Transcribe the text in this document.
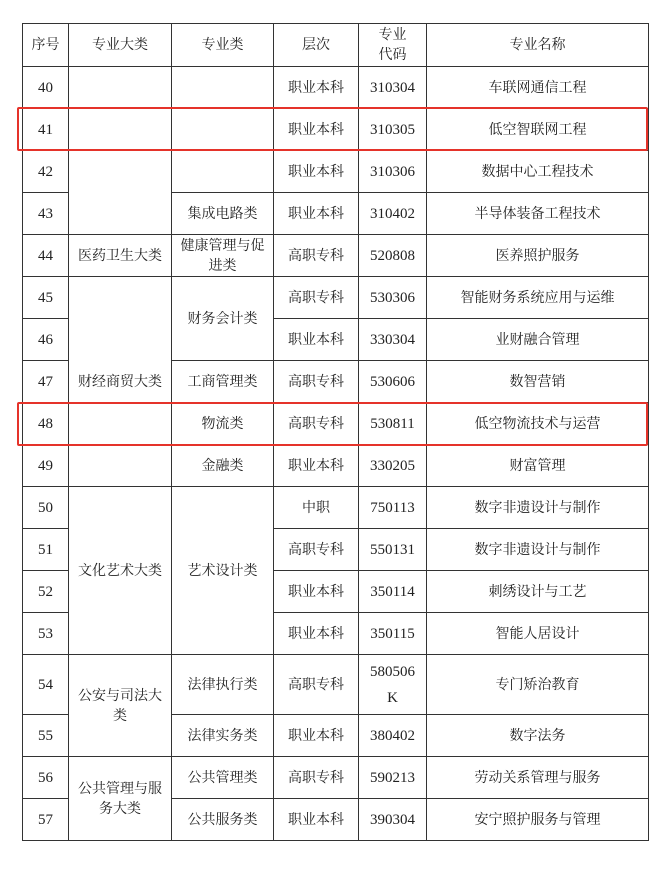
序号	专业大类	专业类	层次	专业代码	专业名称
40			职业本科	310304	车联网通信工程
41			职业本科	310305	低空智联网工程
42			职业本科	310306	数据中心工程技术
43		集成电路类	职业本科	310402	半导体装备工程技术
44	医药卫生大类	健康管理与促进类	高职专科	520808	医养照护服务
45	财经商贸大类	财务会计类	高职专科	530306	智能财务系统应用与运维
46			职业本科	330304	业财融合管理
47		工商管理类	高职专科	530606	数智营销
48		物流类	高职专科	530811	低空物流技术与运营
49		金融类	职业本科	330205	财富管理
50	文化艺术大类	艺术设计类	中职	750113	数字非遗设计与制作
51			高职专科	550131	数字非遗设计与制作
52			职业本科	350114	刺绣设计与工艺
53			职业本科	350115	智能人居设计
54	公安与司法大类	法律执行类	高职专科	580506K	专门矫治教育
55		法律实务类	职业本科	380402	数字法务
56	公共管理与服务大类	公共管理类	高职专科	590213	劳动关系管理与服务
57		公共服务类	职业本科	390304	安宁照护服务与管理
